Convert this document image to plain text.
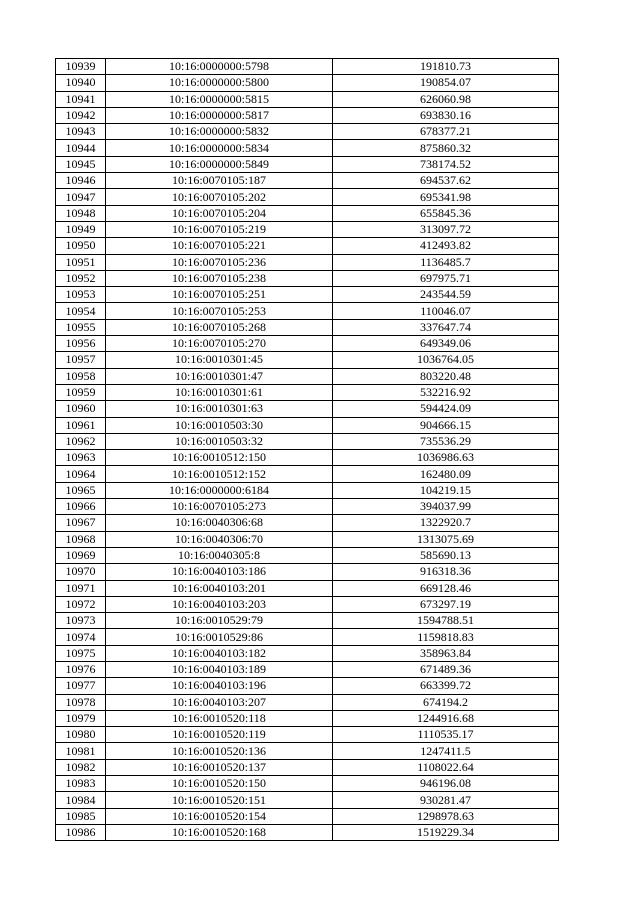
10939	10:16:0000000:5798	191810.73
10940	10:16:0000000:5800	190854.07
10941	10:16:0000000:5815	626060.98
10942	10:16:0000000:5817	693830.16
10943	10:16:0000000:5832	678377.21
10944	10:16:0000000:5834	875860.32
10945	10:16:0000000:5849	738174.52
10946	10:16:0070105:187	694537.62
10947	10:16:0070105:202	695341.98
10948	10:16:0070105:204	655845.36
10949	10:16:0070105:219	313097.72
10950	10:16:0070105:221	412493.82
10951	10:16:0070105:236	1136485.7
10952	10:16:0070105:238	697975.71
10953	10:16:0070105:251	243544.59
10954	10:16:0070105:253	110046.07
10955	10:16:0070105:268	337647.74
10956	10:16:0070105:270	649349.06
10957	10:16:0010301:45	1036764.05
10958	10:16:0010301:47	803220.48
10959	10:16:0010301:61	532216.92
10960	10:16:0010301:63	594424.09
10961	10:16:0010503:30	904666.15
10962	10:16:0010503:32	735536.29
10963	10:16:0010512:150	1036986.63
10964	10:16:0010512:152	162480.09
10965	10:16:0000000:6184	104219.15
10966	10:16:0070105:273	394037.99
10967	10:16:0040306:68	1322920.7
10968	10:16:0040306:70	1313075.69
10969	10:16:0040305:8	585690.13
10970	10:16:0040103:186	916318.36
10971	10:16:0040103:201	669128.46
10972	10:16:0040103:203	673297.19
10973	10:16:0010529:79	1594788.51
10974	10:16:0010529:86	1159818.83
10975	10:16:0040103:182	358963.84
10976	10:16:0040103:189	671489.36
10977	10:16:0040103:196	663399.72
10978	10:16:0040103:207	674194.2
10979	10:16:0010520:118	1244916.68
10980	10:16:0010520:119	1110535.17
10981	10:16:0010520:136	1247411.5
10982	10:16:0010520:137	1108022.64
10983	10:16:0010520:150	946196.08
10984	10:16:0010520:151	930281.47
10985	10:16:0010520:154	1298978.63
10986	10:16:0010520:168	1519229.34
